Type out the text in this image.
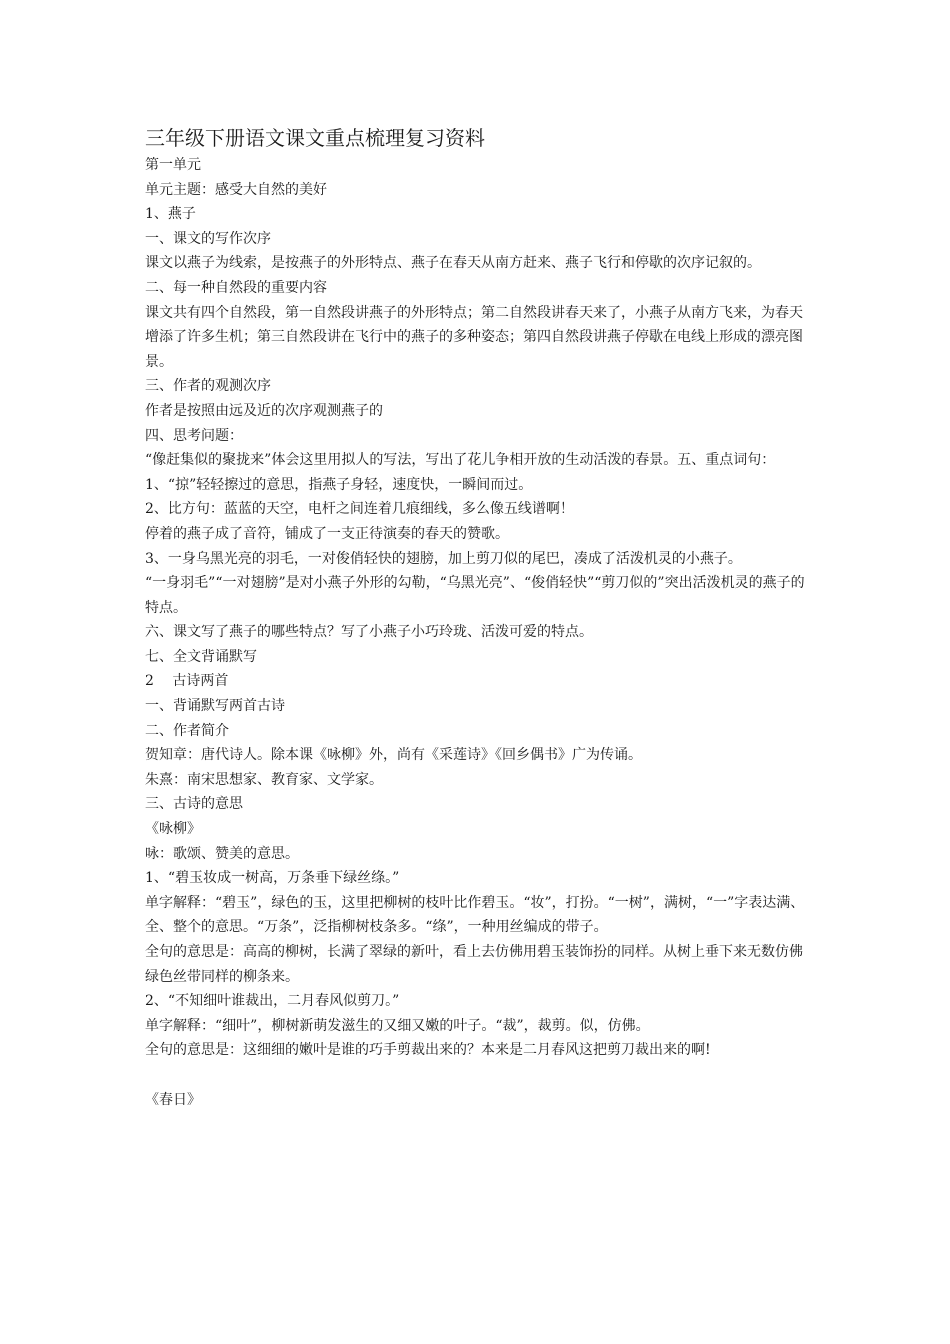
三年级下册语文课文重点梳理复习资料

第一单元

单元主题：感受大自然的美好

1、燕子

一、课文的写作次序

课文以燕子为线索，是按燕子的外形特点、燕子在春天从南方赶来、燕子飞行和停歇的次序记叙的。

二、每一种自然段的重要内容

课文共有四个自然段，第一自然段讲燕子的外形特点；第二自然段讲春天来了，小燕子从南方飞来，为春天增添了许多生机；第三自然段讲在飞行中的燕子的多种姿态；第四自然段讲燕子停歇在电线上形成的漂亮图景。

三、作者的观测次序

作者是按照由远及近的次序观测燕子的

四、思考问题：

“像赶集似的聚拢来”体会这里用拟人的写法，写出了花儿争相开放的生动活泼的春景。五、重点词句：

1、“掠”轻轻擦过的意思，指燕子身轻，速度快，一瞬间而过。

2、比方句：蓝蓝的天空，电杆之间连着几痕细线，多么像五线谱啊！

停着的燕子成了音符，铺成了一支正待演奏的春天的赞歌。

3、一身乌黑光亮的羽毛，一对俊俏轻快的翅膀，加上剪刀似的尾巴，凑成了活泼机灵的小燕子。

“一身羽毛”“一对翅膀”是对小燕子外形的勾勒，“乌黑光亮”、“俊俏轻快”“剪刀似的”突出活泼机灵的燕子的特点。

六、课文写了燕子的哪些特点？写了小燕子小巧玲珑、活泼可爱的特点。

七、全文背诵默写

2　 古诗两首

一、背诵默写两首古诗

二、作者简介

贺知章：唐代诗人。除本课《咏柳》外，尚有《采莲诗》《回乡偶书》广为传诵。

朱熹：南宋思想家、教育家、文学家。

三、古诗的意思

《咏柳》

咏：歌颂、赞美的意思。

1、“碧玉妆成一树高，万条垂下绿丝绦。”

单字解释：“碧玉”，绿色的玉，这里把柳树的枝叶比作碧玉。“妆”，打扮。“一树”，满树，“一”字表达满、全、整个的意思。“万条”，泛指柳树枝条多。“绦”，一种用丝编成的带子。

全句的意思是：高高的柳树，长满了翠绿的新叶，看上去仿佛用碧玉装饰扮的同样。从树上垂下来无数仿佛绿色丝带同样的柳条来。

2、“不知细叶谁裁出，二月春风似剪刀。”

单字解释：“细叶”，柳树新萌发滋生的又细又嫩的叶子。“裁”，裁剪。似，仿佛。

全句的意思是：这细细的嫩叶是谁的巧手剪裁出来的？本来是二月春风这把剪刀裁出来的啊!

《春日》
